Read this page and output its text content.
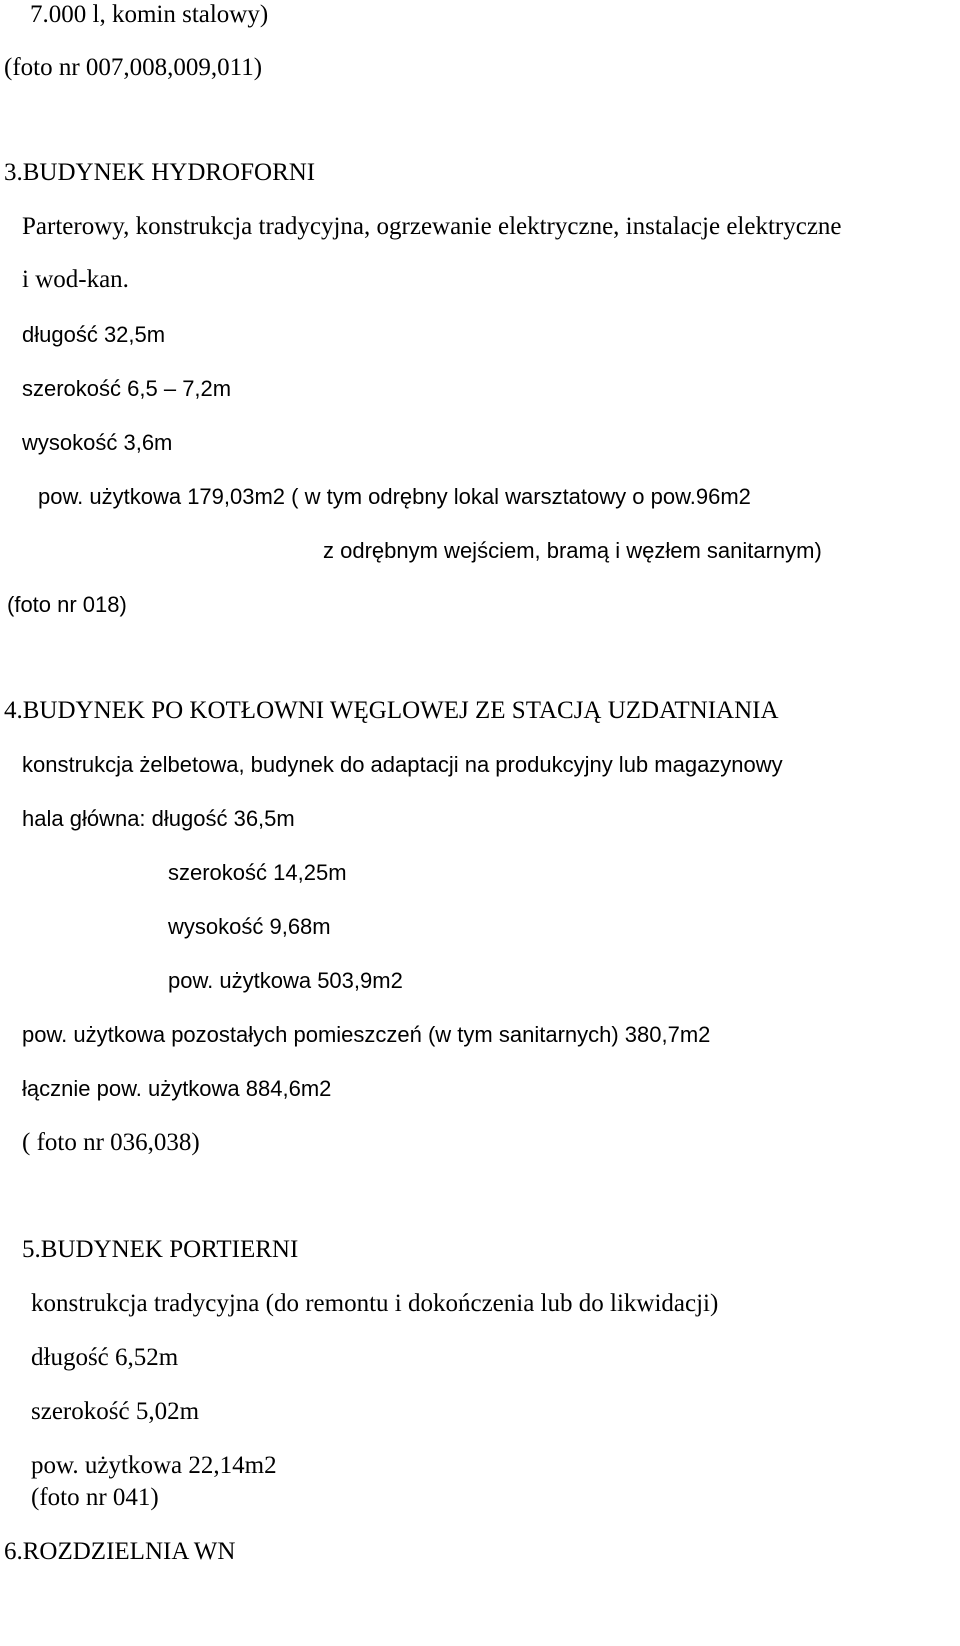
7.000 l, komin stalowy)

(foto nr 007,008,009,011)

3.BUDYNEK HYDROFORNI

Parterowy, konstrukcja tradycyjna, ogrzewanie elektryczne, instalacje elektryczne

i wod-kan.

długość 32,5m

szerokość 6,5 – 7,2m

wysokość 3,6m

pow. użytkowa 179,03m2 ( w tym odrębny lokal warsztatowy o pow.96m2

z odrębnym wejściem, bramą i węzłem sanitarnym)

(foto nr 018)

4.BUDYNEK PO KOTŁOWNI WĘGLOWEJ ZE STACJĄ UZDATNIANIA

konstrukcja żelbetowa, budynek do adaptacji na produkcyjny lub magazynowy

hala główna: długość 36,5m

szerokość 14,25m

wysokość 9,68m

pow. użytkowa 503,9m2

pow. użytkowa pozostałych pomieszczeń (w tym sanitarnych) 380,7m2

łącznie pow. użytkowa 884,6m2

( foto nr 036,038)

5.BUDYNEK PORTIERNI

konstrukcja tradycyjna (do remontu i dokończenia lub do likwidacji)

długość 6,52m

szerokość 5,02m

pow. użytkowa 22,14m2

(foto nr 041)

6.ROZDZIELNIA WN
